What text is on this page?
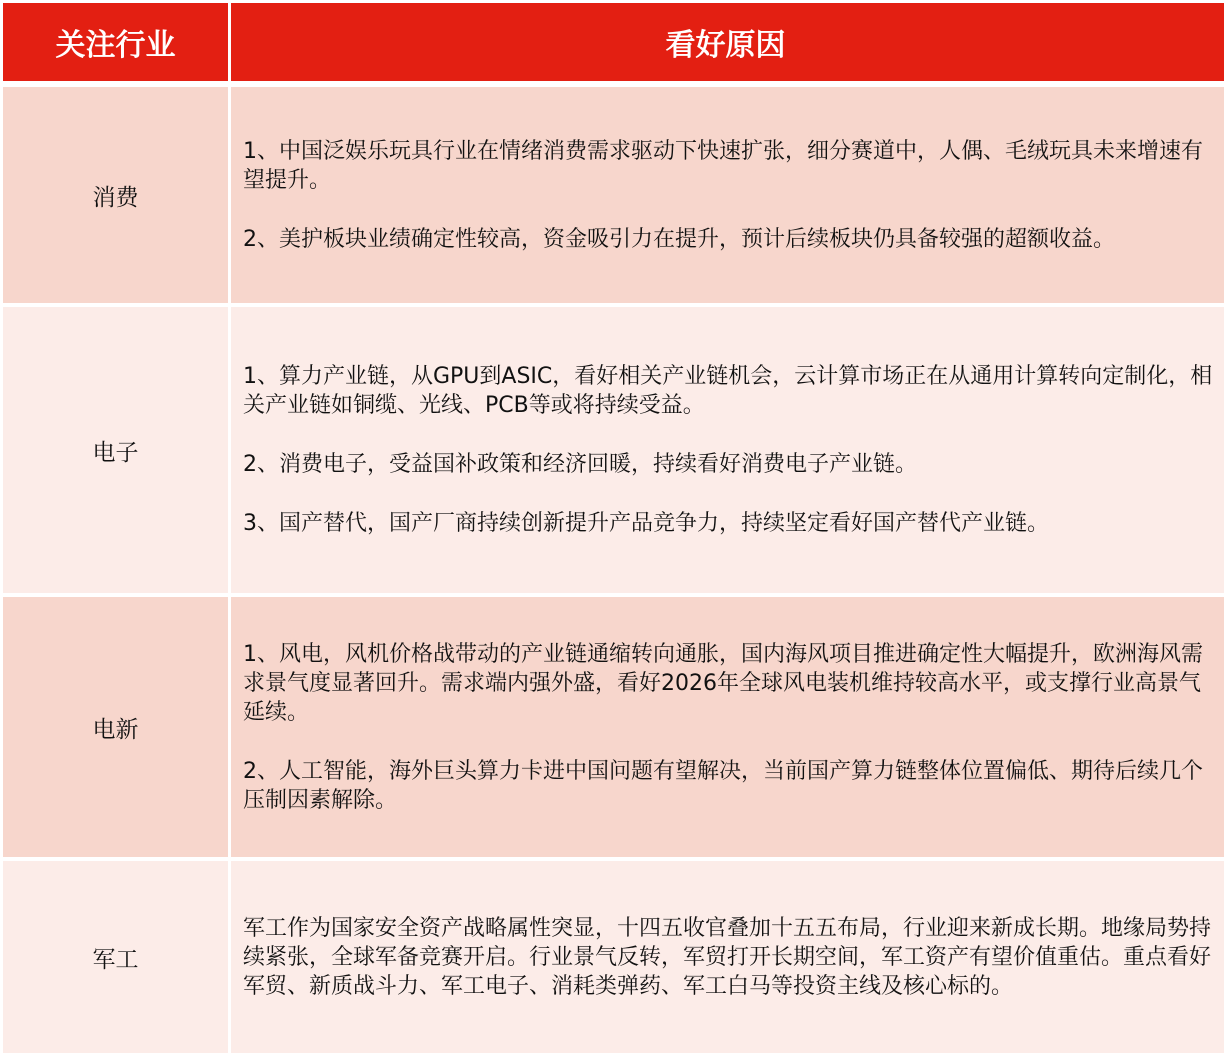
关注行业	看好原因
消费

1、中国泛娱乐玩具行业在情绪消费需求驱动下快速扩张，细分赛道中，人偶、毛绒玩具未来增速有望提升。

2、美护板块业绩确定性较高，资金吸引力在提升，预计后续板块仍具备较强的超额收益。

电子

1、算力产业链，从GPU到ASIC，看好相关产业链机会，云计算市场正在从通用计算转向定制化，相关产业链如铜缆、光线、PCB等或将持续受益。

2、消费电子，受益国补政策和经济回暖，持续看好消费电子产业链。

3、国产替代，国产厂商持续创新提升产品竞争力，持续坚定看好国产替代产业链。

电新

1、风电，风机价格战带动的产业链通缩转向通胀，国内海风项目推进确定性大幅提升，欧洲海风需求景气度显著回升。需求端内强外盛，看好2026年全球风电装机维持较高水平，或支撑行业高景气延续。

2、人工智能，海外巨头算力卡进中国问题有望解决，当前国产算力链整体位置偏低、期待后续几个压制因素解除。

军工

军工作为国家安全资产战略属性突显，十四五收官叠加十五五布局，行业迎来新成长期。地缘局势持续紧张，全球军备竞赛开启。行业景气反转，军贸打开长期空间，军工资产有望价值重估。重点看好军贸、新质战斗力、军工电子、消耗类弹药、军工白马等投资主线及核心标的。
